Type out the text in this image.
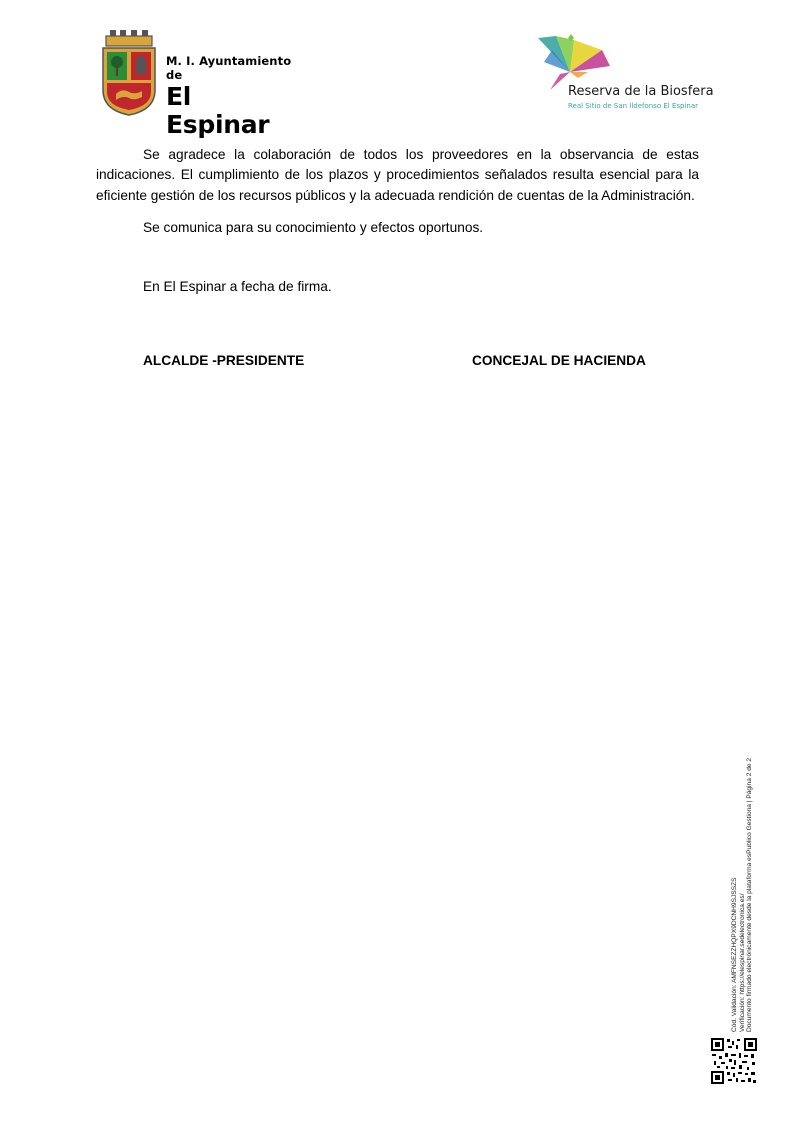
M. I. Ayuntamiento de
El Espinar
Reserva de la Biosfera
Real Sitio de San Ildefonso El Espinar

Se agradece la colaboración de todos los proveedores en la observancia de estas indicaciones. El cumplimiento de los plazos y procedimientos señalados resulta esencial para la eficiente gestión de los recursos públicos y la adecuada rendición de cuentas de la Administración.

Se comunica para su conocimiento y efectos oportunos.
En El Espinar a fecha de firma.
ALCALDE -PRESIDENTE	CONCEJAL DE HACIENDA
Cód. Validación: AMFNSEZZHQPX9DCNH9SJSSZS Verificación: https://elespinar.sedelectronica.es/ Documento firmado electrónicamente desde la plataforma esPublico Gestiona | Página 2 de 2
